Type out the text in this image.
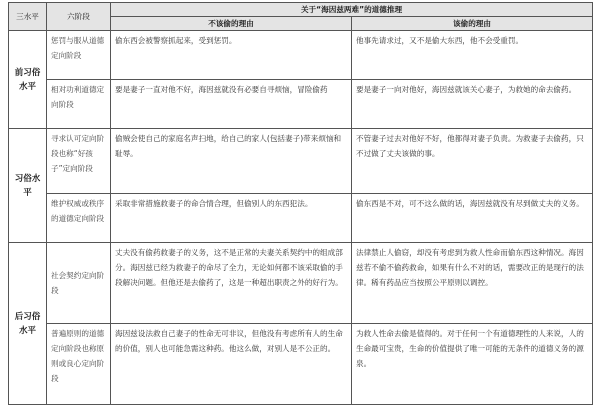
三水平	六阶段	关于“海因兹两难”的道德推理	
		不该偷的理由	该偷的理由
前习俗水平	惩罚与服从道德定向阶段	偷东西会被警察抓起来，受到惩罚。	他事先请求过，又不是偷大东西，他不会受重罚。
	相对功利道德定向阶段	要是妻子一直对他不好，海因兹就没有必要自寻烦恼，冒险偷药	要是妻子一向对他好，海因兹就该关心妻子，为救她的命去偷药。
习俗水平	寻求认可定向阶段也称“好孩子”定向阶段	偷贼会使自己的家庭名声扫地，给自己的家人(包括妻子)带来烦恼和耻辱。	不管妻子过去对他好不好，他都得对妻子负责。为救妻子去偷药，只不过做了丈夫该做的事。
	维护权威或秩序的道德定向阶段	采取非常措施救妻子的命合情合理，但偷别人的东西犯法。	偷东西是不对，可不这么做的话，海因兹就没有尽到做丈夫的义务。
后习俗水平	社会契约定向阶段	丈夫没有偷药救妻子的义务，这不是正常的夫妻关系契约中的组成部分。海因兹已经为救妻子的命尽了全力，无论如何都不该采取偷的手段解决问题。但他还是去偷药了，这是一种超出职责之外的好行为。	法律禁止人偷窃，却没有考虑到为救人性命而偷东西这种情况。海因兹若不偷不偷药救命，如果有什么不对的话，需要改正的是现行的法律。稀有药品应当按照公平原则以调控。
	普遍原则的道德定向阶段也称原则或良心定向阶段	海因兹设法救自己妻子的性命无可非议，但他没有考虑所有人的生命的价值，别人也可能急需这种药。他这么做，对别人是不公正的。	为救人性命去偷是值得的。对于任何一个有道德理性的人来说，人的生命最可宝贵，生命的价值提供了唯一可能的无条件的道德义务的源泉。
